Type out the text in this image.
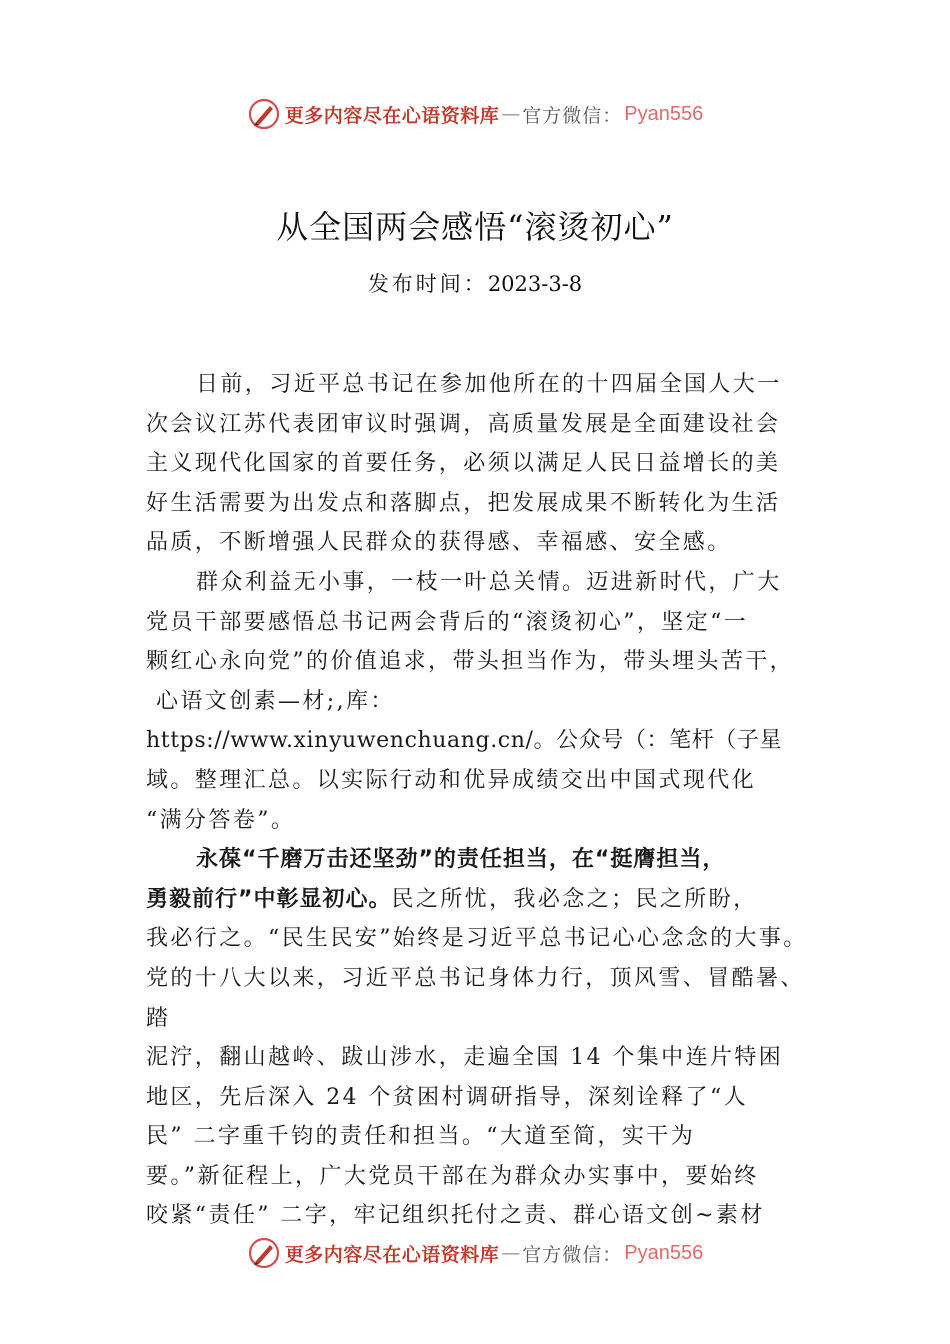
更多内容尽在心语资料库 — 官方微信： Pyan556
从全国两会感悟“滚烫初心”
发布时间：2023-3-8
日前，习近平总书记在参加他所在的十四届全国人大一
次会议江苏代表团审议时强调，高质量发展是全面建设社会
主义现代化国家的首要任务，必须以满足人民日益增长的美
好生活需要为出发点和落脚点，把发展成果不断转化为生活
品质，不断增强人民群众的获得感、幸福感、安全感。
群众利益无小事，一枝一叶总关情。迈进新时代，广大
党员干部要感悟总书记两会背后的“滚烫初心”，坚定“一
颗红心永向党”的价值追求，带头担当作为，带头埋头苦干，
心语文创素—材;,库：
https://www.xinyuwenchuang.cn/。公众号（：笔杆（子星
域。整理汇总。以实际行动和优异成绩交出中国式现代化
“满分答卷”。
永葆“千磨万击还坚劲”的责任担当，在“挺膺担当，
勇毅前行”中彰显初心。民之所忧，我必念之；民之所盼，
我必行之。“民生民安”始终是习近平总书记心心念念的大事。
党的十八大以来，习近平总书记身体力行，顶风雪、冒酷暑、踏
泥泞，翻山越岭、跋山涉水，走遍全国 14 个集中连片特困
地区，先后深入 24 个贫困村调研指导，深刻诠释了“人
民” 二字重千钧的责任和担当。“大道至简，实干为
要。”新征程上，广大党员干部在为群众办实事中，要始终
咬紧“责任” 二字，牢记组织托付之责、群心语文创~素材
更多内容尽在心语资料库 — 官方微信： Pyan556
